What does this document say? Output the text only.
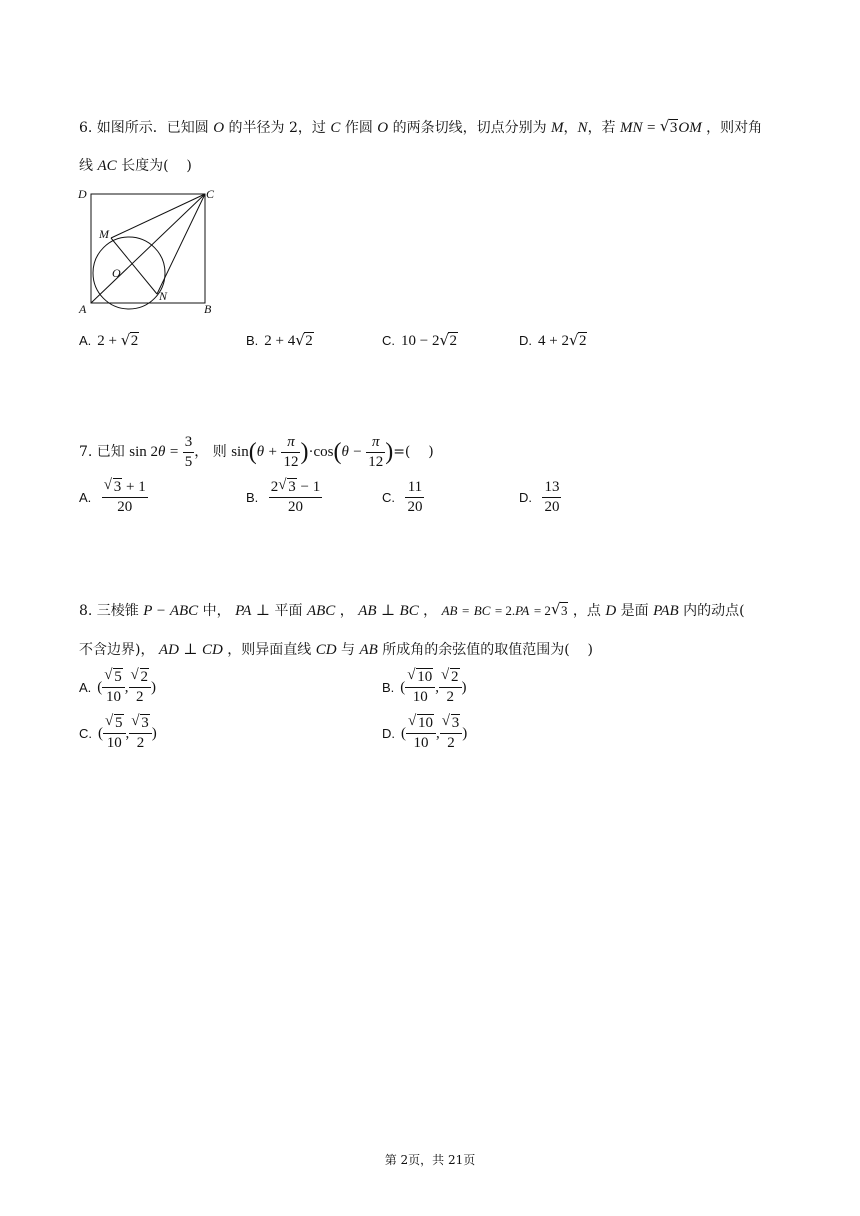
6. 如图所示．已知圆 O 的半径为 2，过 C 作圆 O 的两条切线，切点分别为 M，N，若 MN = √ 3OM ，则对角
线 AC 长度为(    )
D	C
M
O
A
N
B
A. 2 + √ 2	B. 2 + 4 √ 2	C. 10 − 2 √ 2	D. 4 + 2 √ 2
7. 已知 $\sin 2\theta = \frac{3}{5}$ ， 则 $\sin(\theta + \frac{\pi}{12} )\cdot\cos(\theta - \frac{\pi}{12}$ )=(    )
A. √ $\frac{3 + 1}{20}$	B. $\frac{2 √ 3 - 1}{20}$	C. $\frac{11}{20}$	D. $\frac{13}{20}$
8. 三棱锥 P − ABC 中， PA ⊥ 平面 ABC ， AB ⊥ BC ， AB = BC = 2.PA = 2 √ 3 ，点 D 是面 PAB 内的动点(
不含边界)， AD ⊥ CD ，则异面直线 CD 与 AB 所成角的余弦值的取值范围为(    )
A. ( √ $\frac{5}{10}$ , √ $\frac{2}{2}$ )	B. ( √ $\frac{10}{10}$ , √ $\frac{2}{2}$ )
C. ( √ $\frac{5}{10}$ , √ $\frac{3}{2}$ )	D. ( √ $\frac{10}{10}$ , √ $\frac{3}{2}$ )
第 2页，共 21页
